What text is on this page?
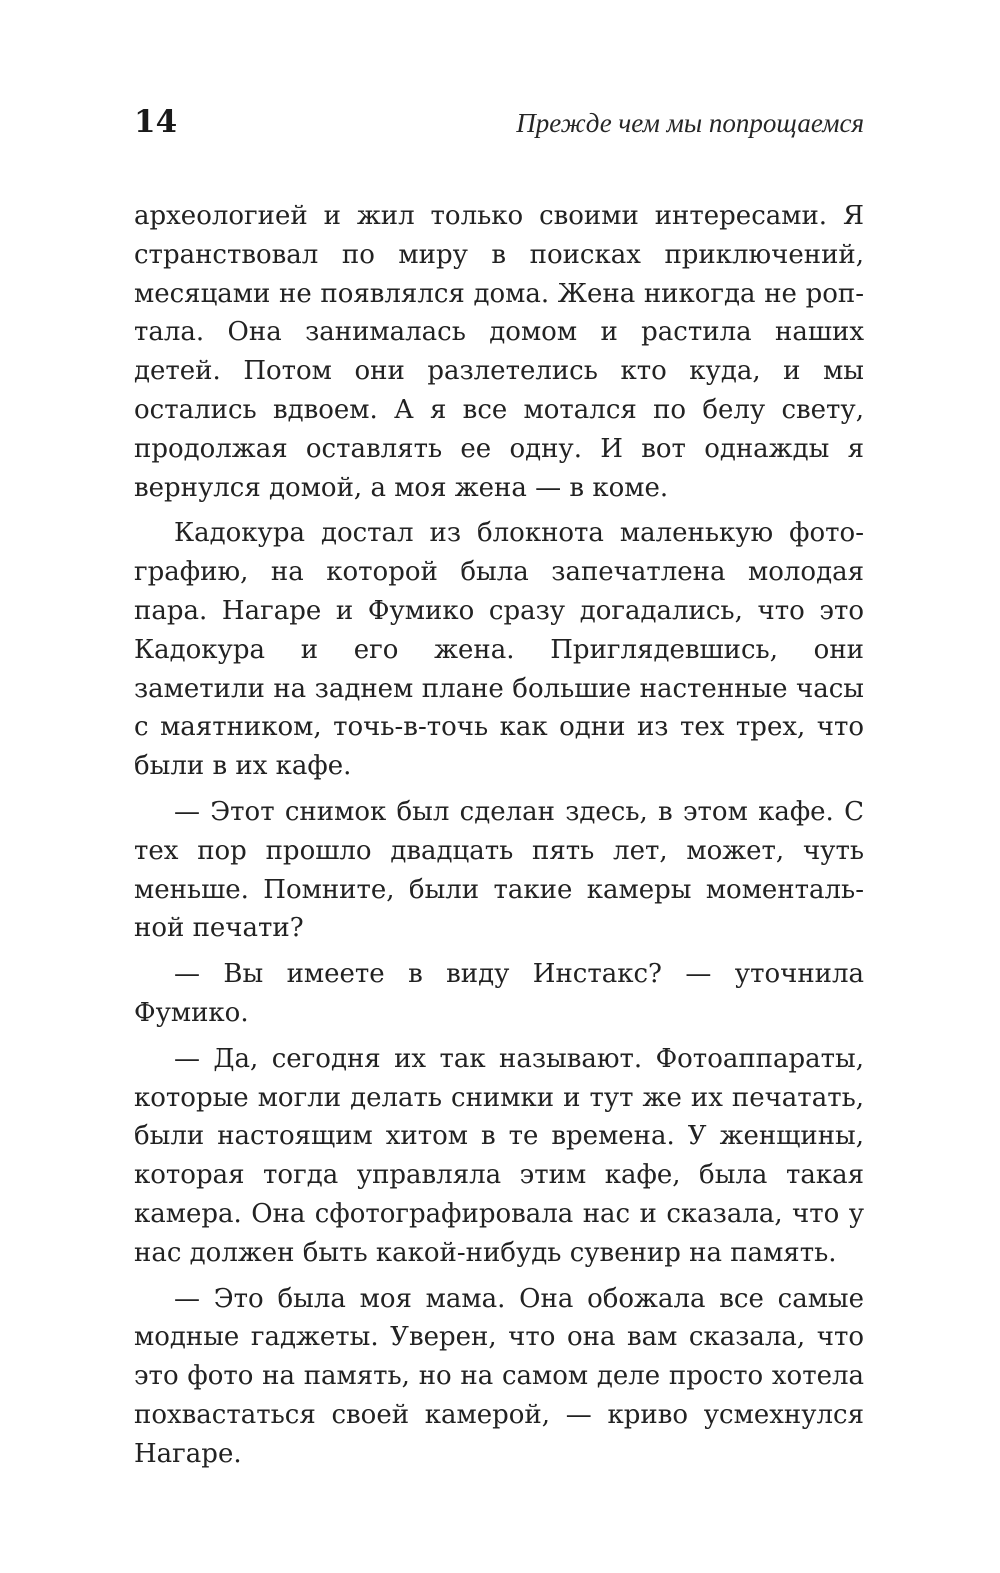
14	Прежде чем мы попрощаемся

археологией и жил только своими интересами. Я странствовал по миру в поисках приключений, месяцами не появлялся дома. Жена никогда не роптала. Она занималась домом и растила наших детей. Потом они разлетелись кто куда, и мы остались вдвоем. А я все мотался по белу свету, продолжая оставлять ее одну. И вот однажды я вернулся домой, а моя жена — в коме.

Кадокура достал из блокнота маленькую фотографию, на которой была запечатлена молодая пара. Нагаре и Фумико сразу догадались, что это Кадокура и его жена. Приглядевшись, они заметили на заднем плане большие настенные часы с маятником, точь-в-точь как одни из тех трех, что были в их кафе.

— Этот снимок был сделан здесь, в этом кафе. С тех пор прошло двадцать пять лет, может, чуть меньше. Помните, были такие камеры моментальной печати?

— Вы имеете в виду Инстакс? — уточнила Фумико.

— Да, сегодня их так называют. Фотоаппараты, которые могли делать снимки и тут же их печатать, были настоящим хитом в те времена. У женщины, которая тогда управляла этим кафе, была такая камера. Она сфотографировала нас и сказала, что у нас должен быть какой-нибудь сувенир на память.

— Это была моя мама. Она обожала все самые модные гаджеты. Уверен, что она вам сказала, что это фото на память, но на самом деле просто хотела похвастаться своей камерой, — криво усмехнулся Нагаре.
